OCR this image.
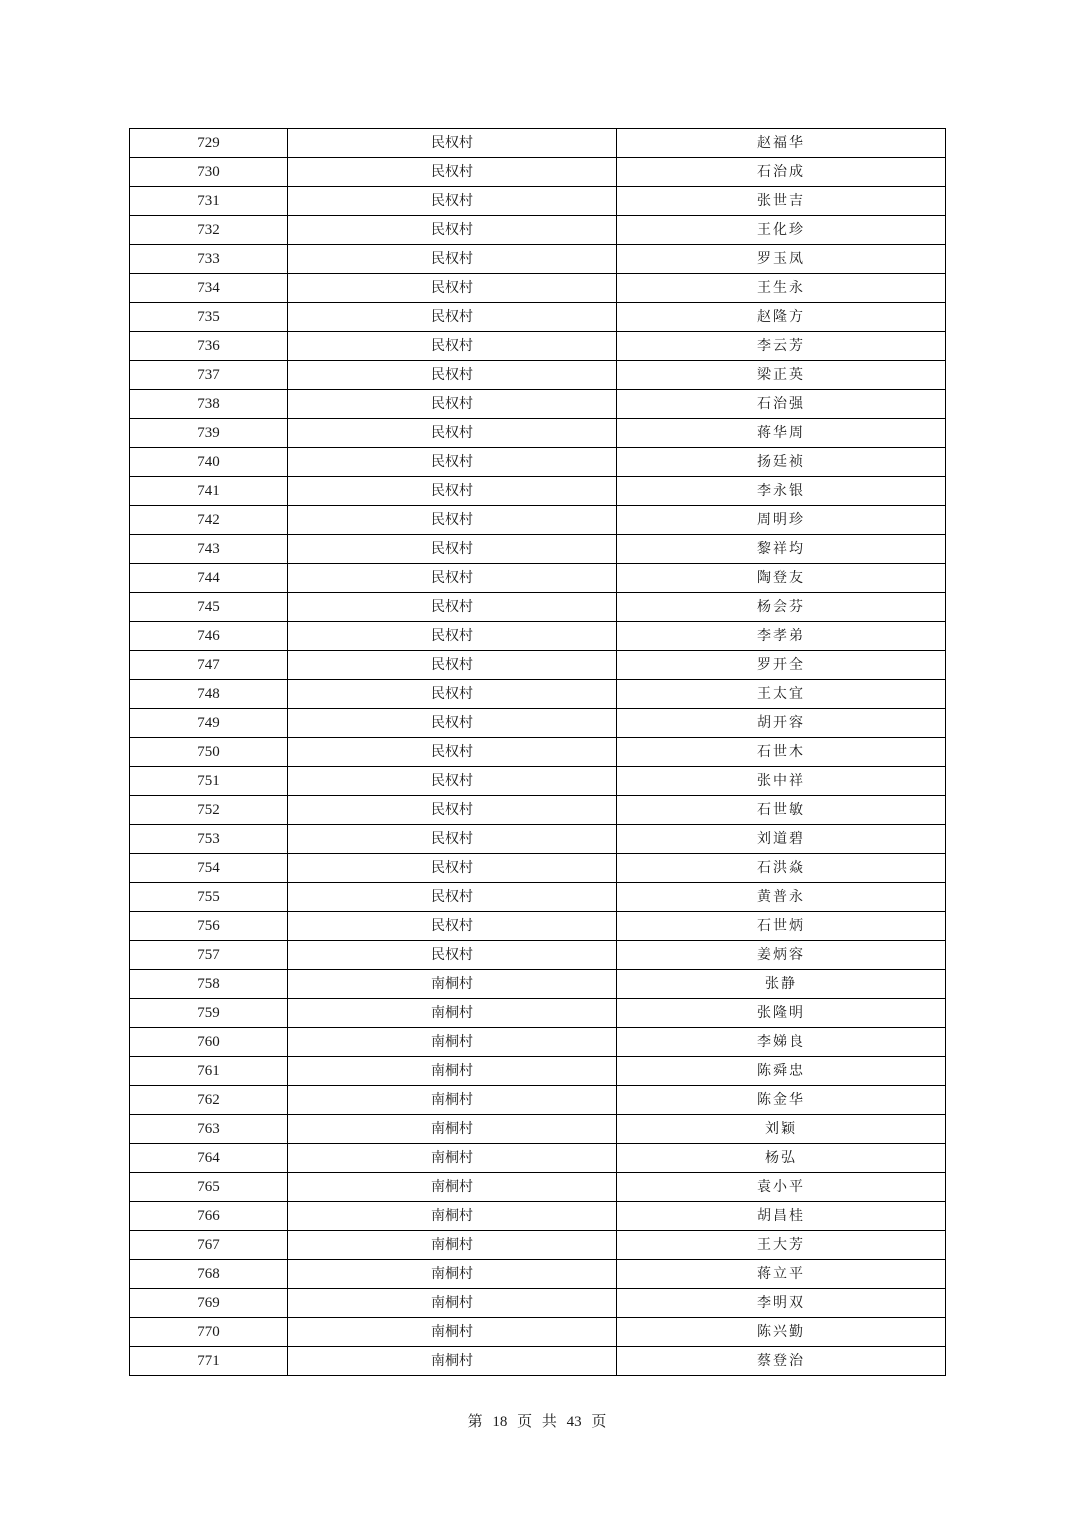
729	民权村	赵福华
730	民权村	石治成
731	民权村	张世吉
732	民权村	王化珍
733	民权村	罗玉凤
734	民权村	王生永
735	民权村	赵隆方
736	民权村	李云芳
737	民权村	梁正英
738	民权村	石治强
739	民权村	蒋华周
740	民权村	扬廷祯
741	民权村	李永银
742	民权村	周明珍
743	民权村	黎祥均
744	民权村	陶登友
745	民权村	杨会芬
746	民权村	李孝弟
747	民权村	罗开全
748	民权村	王太宜
749	民权村	胡开容
750	民权村	石世木
751	民权村	张中祥
752	民权村	石世敏
753	民权村	刘道碧
754	民权村	石洪焱
755	民权村	黄普永
756	民权村	石世炳
757	民权村	姜炳容
758	南桐村	张静
759	南桐村	张隆明
760	南桐村	李娣良
761	南桐村	陈舜忠
762	南桐村	陈金华
763	南桐村	刘颖
764	南桐村	杨弘
765	南桐村	袁小平
766	南桐村	胡昌桂
767	南桐村	王大芳
768	南桐村	蒋立平
769	南桐村	李明双
770	南桐村	陈兴勤
771	南桐村	蔡登治
第 18 页 共 43 页
